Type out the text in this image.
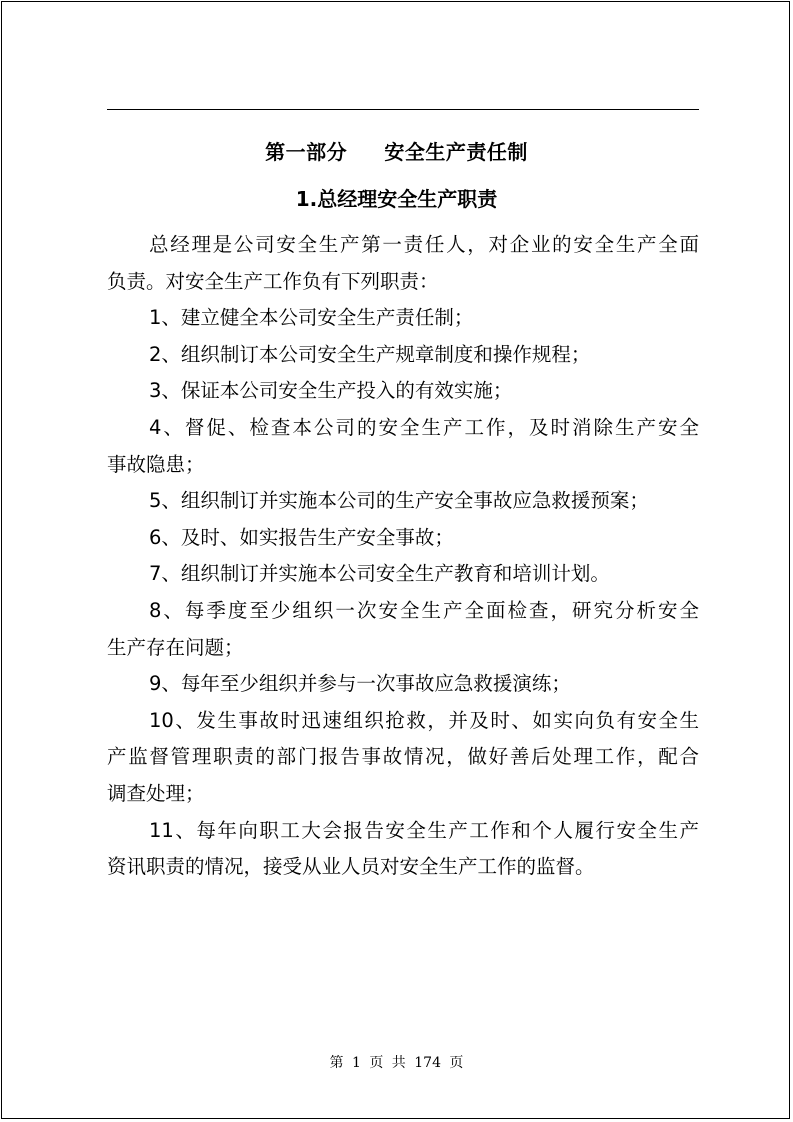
第一部分     安全生产责任制
1.总经理安全生产职责
总经理是公司安全生产第一责任人，对企业的安全生产全面
负责。对安全生产工作负有下列职责：
1、建立健全本公司安全生产责任制；
2、组织制订本公司安全生产规章制度和操作规程；
3、保证本公司安全生产投入的有效实施；
4、督促、检查本公司的安全生产工作，及时消除生产安全
事故隐患；
5、组织制订并实施本公司的生产安全事故应急救援预案；
6、及时、如实报告生产安全事故；
7、组织制订并实施本公司安全生产教育和培训计划。
8、每季度至少组织一次安全生产全面检查，研究分析安全
生产存在问题；
9、每年至少组织并参与一次事故应急救援演练；
10、发生事故时迅速组织抢救，并及时、如实向负有安全生
产监督管理职责的部门报告事故情况，做好善后处理工作，配合
调查处理；
11、每年向职工大会报告安全生产工作和个人履行安全生产
资讯职责的情况，接受从业人员对安全生产工作的监督。
第 1 页 共 174 页
